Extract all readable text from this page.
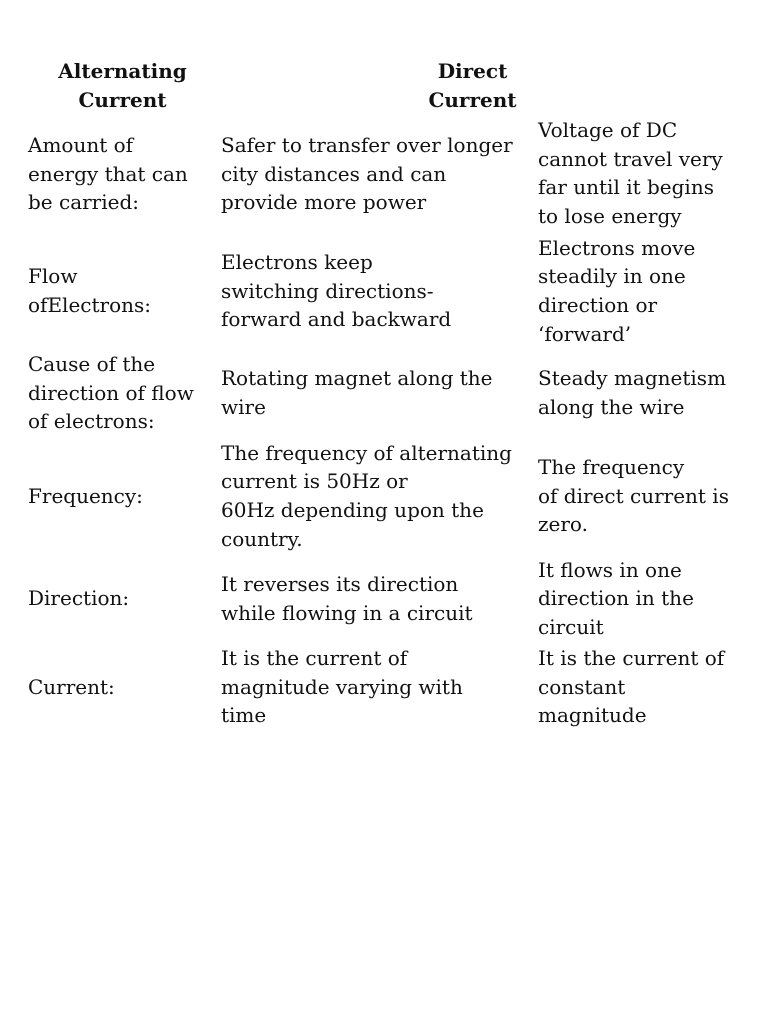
Alternating
Current
Direct
Current
Amount of
energy that can
be carried:
Safer to transfer over longer
city distances and can
provide more power
Voltage of DC
cannot travel very
far until it begins
to lose energy
Flow
ofElectrons:
Electrons keep
switching directions-
forward and backward
Electrons move
steadily in one
direction or
‘forward’
Cause of the
direction of flow
of electrons:
Rotating magnet along the
wire
Steady magnetism
along the wire
Frequency:
The frequency of alternating
current is 50Hz or
60Hz depending upon the
country.
The frequency
of direct current is
zero.
Direction:
It reverses its direction
while flowing in a circuit
It flows in one
direction in the
circuit
Current:
It is the current of
magnitude varying with
time
It is the current of
constant
magnitude
